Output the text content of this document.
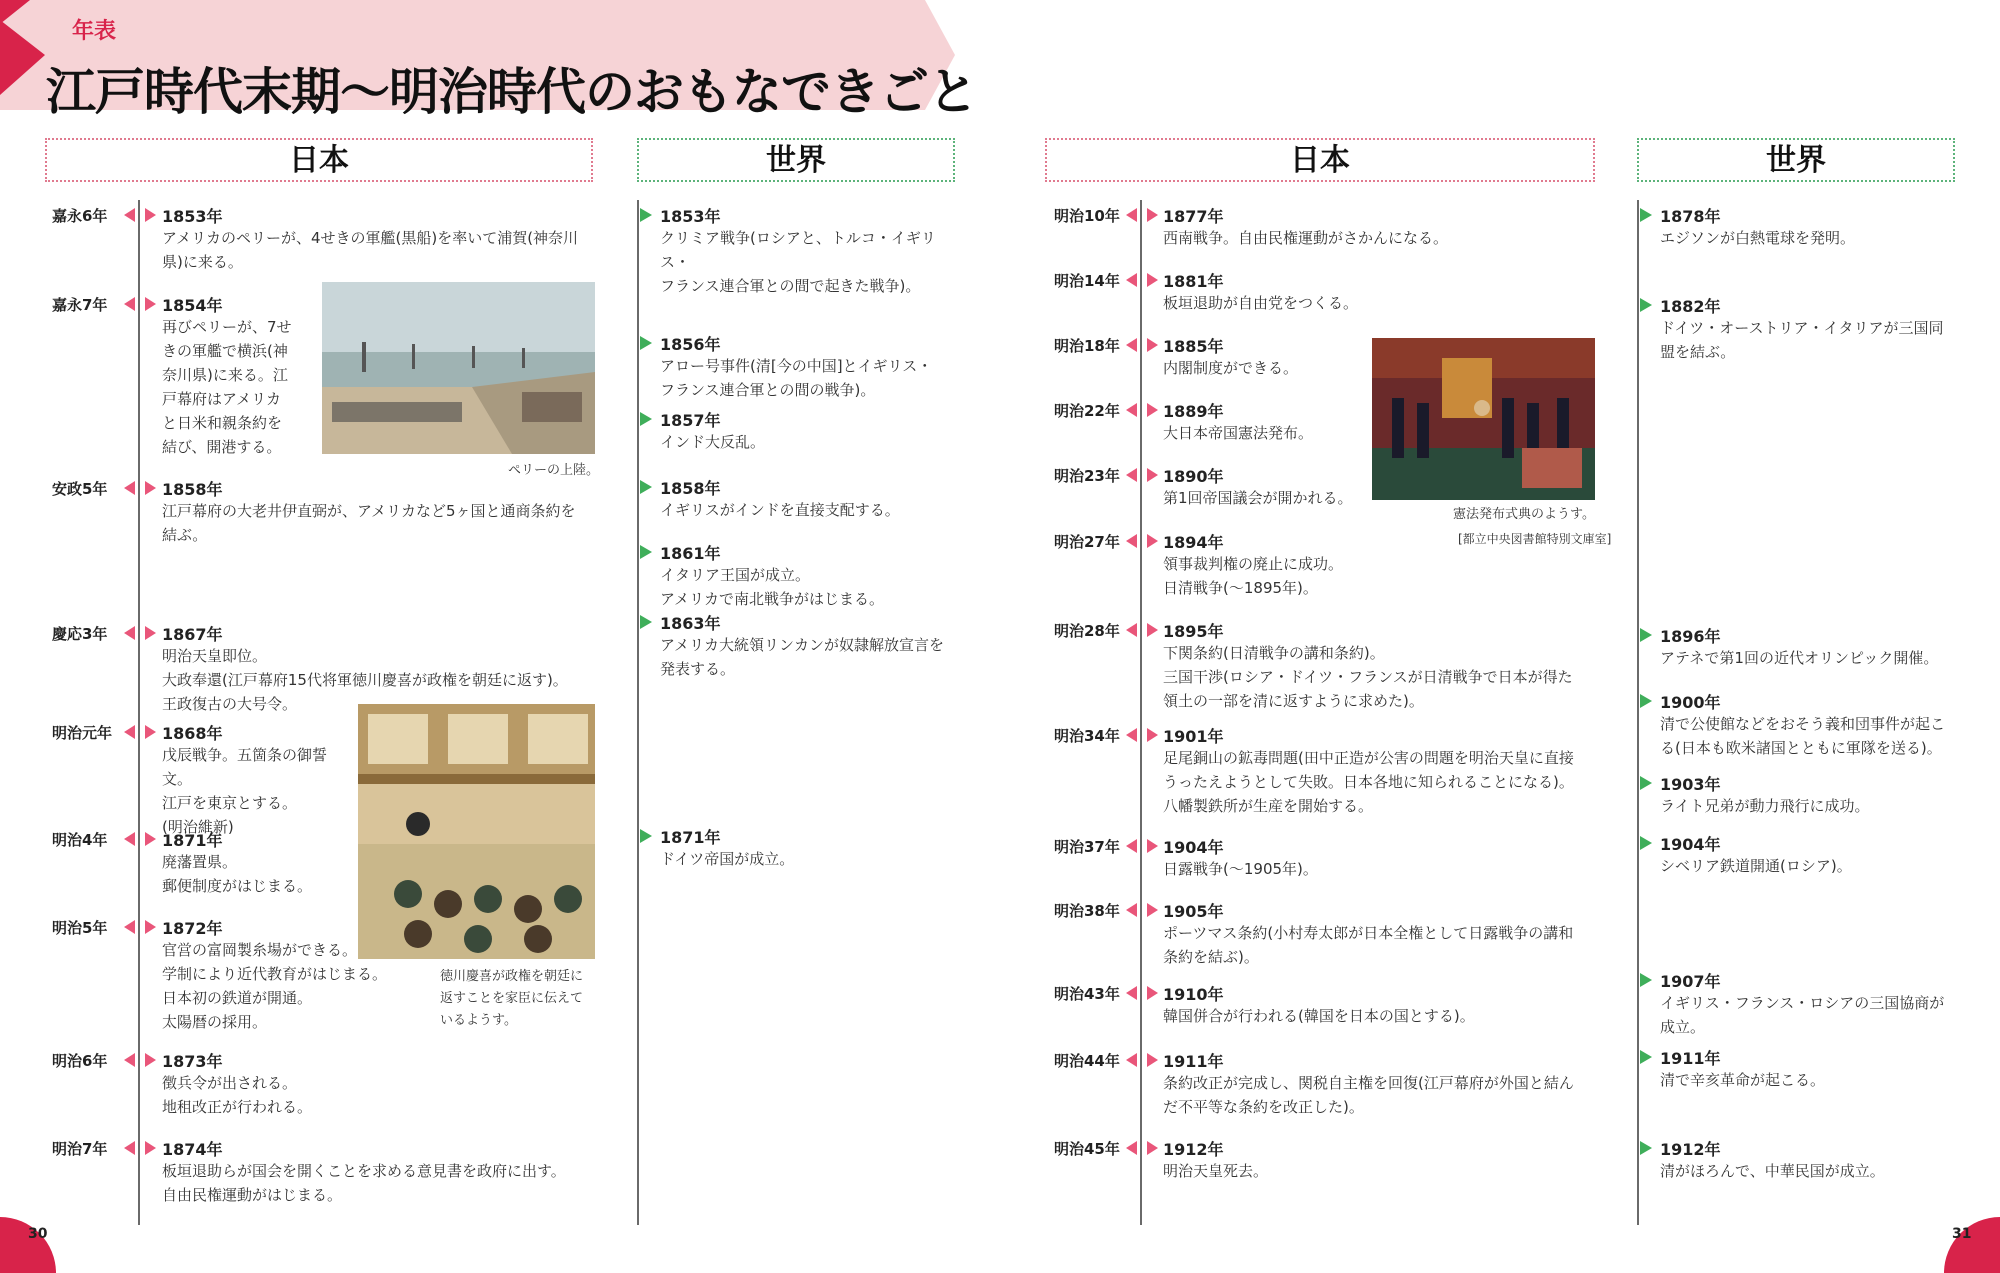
年表
江戸時代末期〜明治時代のおもなできごと
日本	世界	日本	世界
ペリーの上陸。
徳川慶喜が政権を朝廷に
返すことを家臣に伝えて
いるようす。
憲法発布式典のようす。
[都立中央図書館特別文庫室]
嘉永6年	1853年
アメリカのペリーが、4せきの軍艦(黒船)を率いて浦賀(神奈川
県)に来る。
嘉永7年	1854年
再びペリーが、7せ
きの軍艦で横浜(神
奈川県)に来る。江
戸幕府はアメリカ
と日米和親条約を
結び、開港する。
安政5年	1858年
江戸幕府の大老井伊直弼が、アメリカなど5ヶ国と通商条約を
結ぶ。
慶応3年	1867年
明治天皇即位。
大政奉還(江戸幕府15代将軍徳川慶喜が政権を朝廷に返す)。
王政復古の大号令。
明治元年	1868年
戊辰戦争。五箇条の御誓文。
江戸を東京とする。
(明治維新)
明治4年	1871年
廃藩置県。
郵便制度がはじまる。
明治5年	1872年
官営の富岡製糸場ができる。
学制により近代教育がはじまる。
日本初の鉄道が開通。
太陽暦の採用。
明治6年	1873年
徴兵令が出される。
地租改正が行われる。
明治7年	1874年
板垣退助らが国会を開くことを求める意見書を政府に出す。
自由民権運動がはじまる。
1853年
クリミア戦争(ロシアと、トルコ・イギリス・
フランス連合軍との間で起きた戦争)。
1856年
アロー号事件(清[今の中国]とイギリス・
フランス連合軍との間の戦争)。
1857年
インド大反乱。
1858年
イギリスがインドを直接支配する。
1861年
イタリア王国が成立。
アメリカで南北戦争がはじまる。
1863年
アメリカ大統領リンカンが奴隷解放宣言を
発表する。
1871年
ドイツ帝国が成立。
明治10年	1877年
西南戦争。自由民権運動がさかんになる。
明治14年	1881年
板垣退助が自由党をつくる。
明治18年	1885年
内閣制度ができる。
明治22年	1889年
大日本帝国憲法発布。
明治23年	1890年
第1回帝国議会が開かれる。
明治27年	1894年
領事裁判権の廃止に成功。
日清戦争(〜1895年)。
明治28年	1895年
下関条約(日清戦争の講和条約)。
三国干渉(ロシア・ドイツ・フランスが日清戦争で日本が得た
領土の一部を清に返すように求めた)。
明治34年	1901年
足尾銅山の鉱毒問題(田中正造が公害の問題を明治天皇に直接
うったえようとして失敗。日本各地に知られることになる)。
八幡製鉄所が生産を開始する。
明治37年	1904年
日露戦争(〜1905年)。
明治38年	1905年
ポーツマス条約(小村寿太郎が日本全権として日露戦争の講和
条約を結ぶ)。
明治43年	1910年
韓国併合が行われる(韓国を日本の国とする)。
明治44年	1911年
条約改正が完成し、関税自主権を回復(江戸幕府が外国と結ん
だ不平等な条約を改正した)。
明治45年	1912年
明治天皇死去。
1878年
エジソンが白熱電球を発明。
1882年
ドイツ・オーストリア・イタリアが三国同
盟を結ぶ。
1896年
アテネで第1回の近代オリンピック開催。
1900年
清で公使館などをおそう義和団事件が起こ
る(日本も欧米諸国とともに軍隊を送る)。
1903年
ライト兄弟が動力飛行に成功。
1904年
シベリア鉄道開通(ロシア)。
1907年
イギリス・フランス・ロシアの三国協商が
成立。
1911年
清で辛亥革命が起こる。
1912年
清がほろんで、中華民国が成立。
30	31
